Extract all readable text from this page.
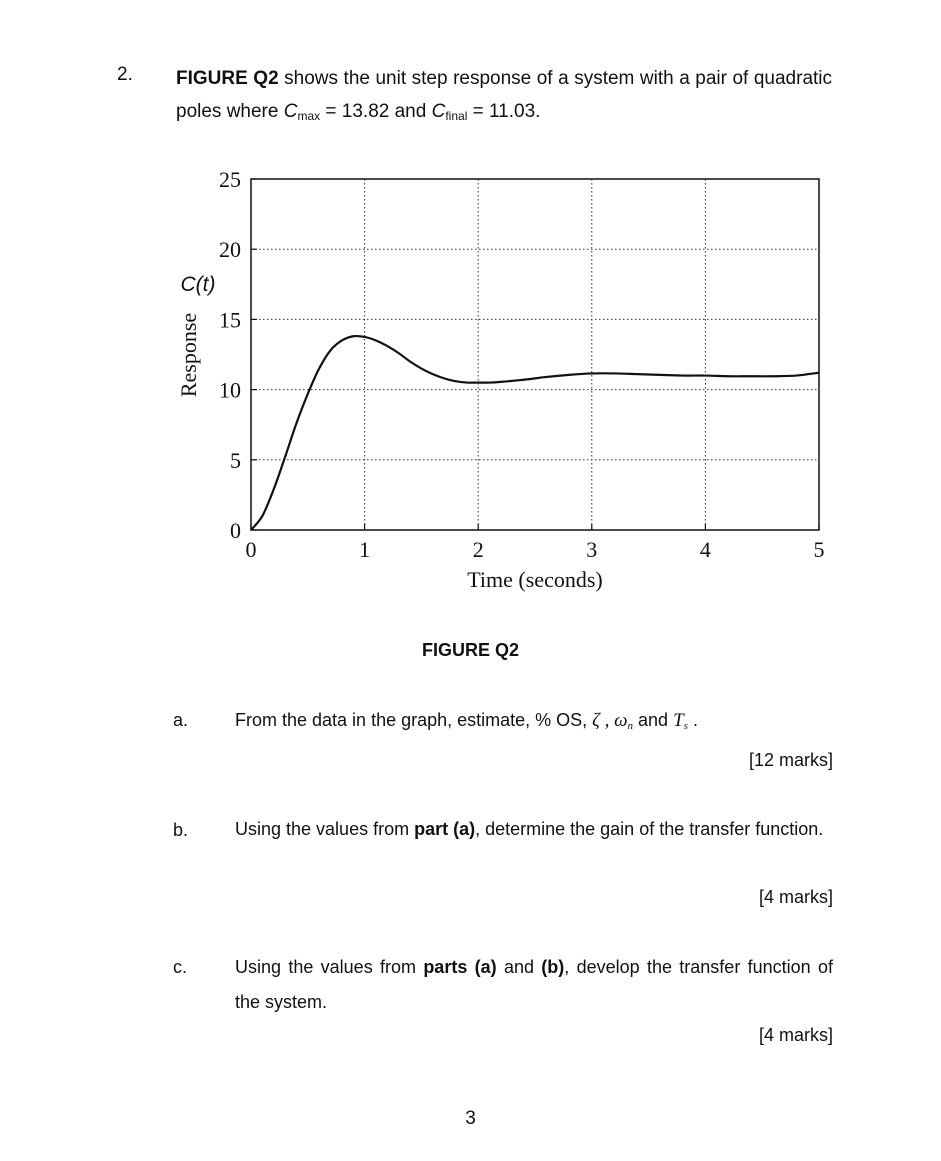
2. FIGURE Q2 shows the unit step response of a system with a pair of quadratic poles where $C_{max} = 13.82$ and $C_{final} = 11.03$.
0	1	2	3	4	5
0
5
10
15
20
25
Time (seconds)
Response
C(t)
FIGURE Q2
a.	From the data in the graph, estimate, % OS, ζ , $\omega_n$ and $T_s$ .
[12 marks]
b.	Using the values from part (a), determine the gain of the transfer function.
[4 marks]
c.	Using the values from parts (a) and (b), develop the transfer function of the system.
[4 marks]
3
